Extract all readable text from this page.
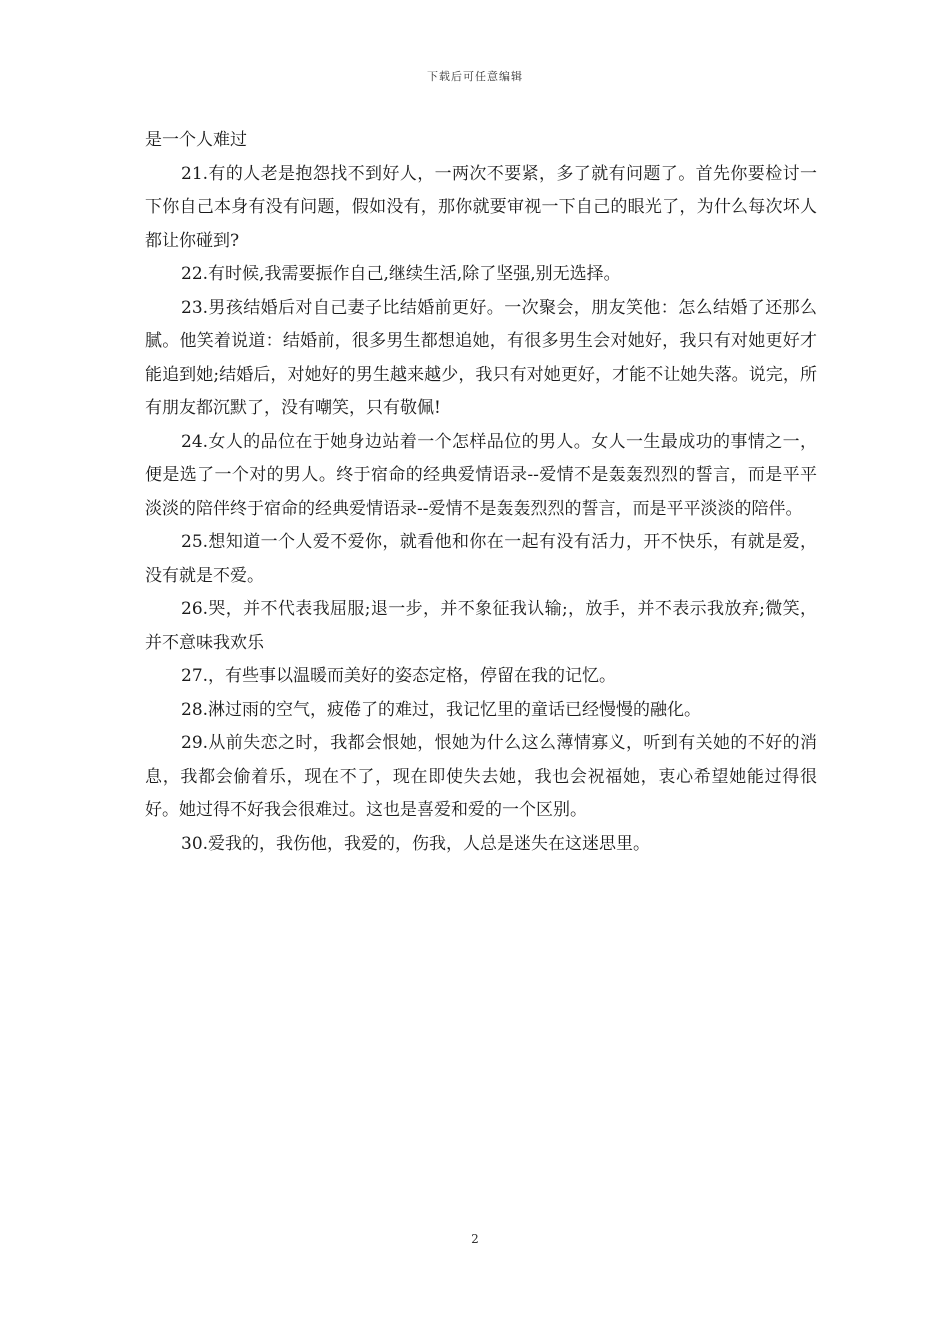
下载后可任意编辑

是一个人难过

21.有的人老是抱怨找不到好人，一两次不要紧，多了就有问题了。首先你要检讨一下你自己本身有没有问题，假如没有，那你就要审视一下自己的眼光了，为什么每次坏人都让你碰到?

22.有时候,我需要振作自己,继续生活,除了坚强,别无选择。

23.男孩结婚后对自己妻子比结婚前更好。一次聚会，朋友笑他：怎么结婚了还那么腻。他笑着说道：结婚前，很多男生都想追她，有很多男生会对她好，我只有对她更好才能追到她;结婚后，对她好的男生越来越少，我只有对她更好，才能不让她失落。说完，所有朋友都沉默了，没有嘲笑，只有敬佩!

24.女人的品位在于她身边站着一个怎样品位的男人。女人一生最成功的事情之一，便是选了一个对的男人。终于宿命的经典爱情语录--爱情不是轰轰烈烈的誓言，而是平平淡淡的陪伴终于宿命的经典爱情语录--爱情不是轰轰烈烈的誓言，而是平平淡淡的陪伴。

25.想知道一个人爱不爱你，就看他和你在一起有没有活力，开不快乐，有就是爱，没有就是不爱。

26.哭，并不代表我屈服;退一步，并不象征我认输;，放手，并不表示我放弃;微笑，并不意味我欢乐

27.，有些事以温暖而美好的姿态定格，停留在我的记忆。

28.淋过雨的空气，疲倦了的难过，我记忆里的童话已经慢慢的融化。

29.从前失恋之时，我都会恨她，恨她为什么这么薄情寡义，听到有关她的不好的消息，我都会偷着乐，现在不了，现在即使失去她，我也会祝福她，衷心希望她能过得很好。她过得不好我会很难过。这也是喜爱和爱的一个区别。

30.爱我的，我伤他，我爱的，伤我，人总是迷失在这迷思里。

2
